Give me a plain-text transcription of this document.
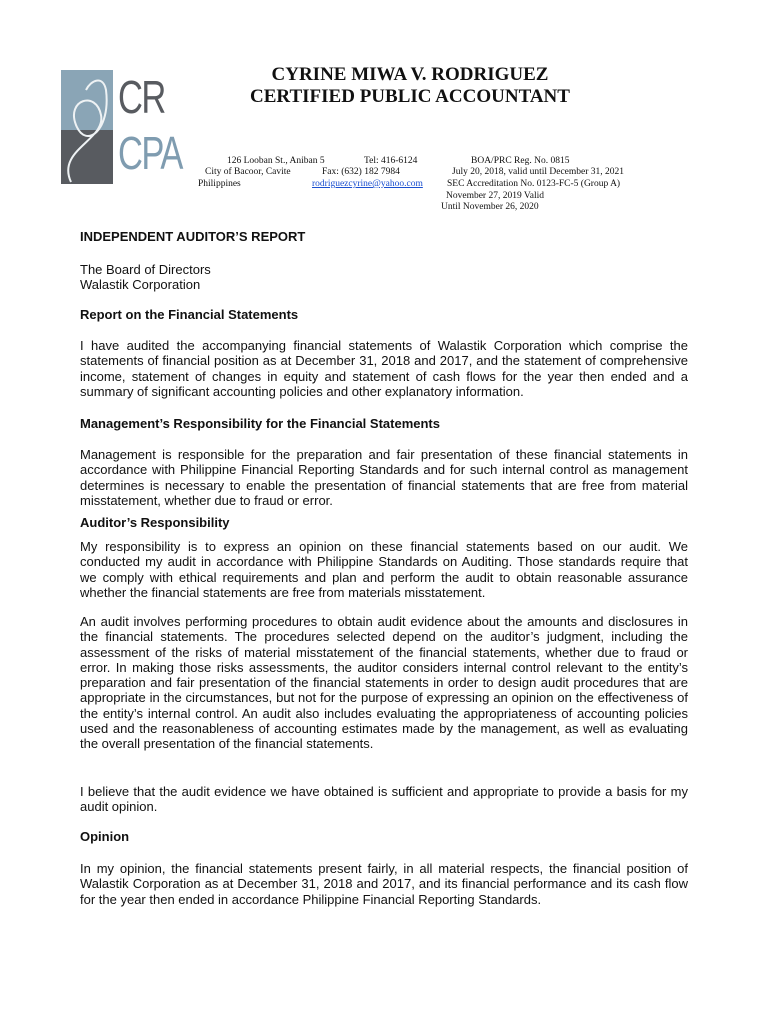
CR
CPA
CYRINE MIWA V. RODRIGUEZ
CERTIFIED PUBLIC ACCOUNTANT
126 Looban St., Aniban 5
City of Bacoor, Cavite
Philippines
Tel: 416-6124
Fax: (632) 182 7984
rodriguezcyrine@yahoo.com
BOA/PRC Reg. No. 0815
July 20, 2018, valid until December 31, 2021
SEC Accreditation No. 0123-FC-5 (Group A)
November 27, 2019 Valid
Until November 26, 2020
INDEPENDENT AUDITOR’S REPORT
The Board of Directors
Walastik Corporation
Report on the Financial Statements
I have audited the accompanying financial statements of Walastik Corporation which comprise the statements of financial position as at December 31, 2018 and 2017, and the statement of comprehensive income, statement of changes in equity and statement of cash flows for the year then ended and a summary of significant accounting policies and other explanatory information.
Management’s Responsibility for the Financial Statements
Management is responsible for the preparation and fair presentation of these financial statements in accordance with Philippine Financial Reporting Standards and for such internal control as management determines is necessary to enable the presentation of financial statements that are free from material misstatement, whether due to fraud or error.
Auditor’s Responsibility
My responsibility is to express an opinion on these financial statements based on our audit. We conducted my audit in accordance with Philippine Standards on Auditing. Those standards require that we comply with ethical requirements and plan and perform the audit to obtain reasonable assurance whether the financial statements are free from materials misstatement.
An audit involves performing procedures to obtain audit evidence about the amounts and disclosures in the financial statements. The procedures selected depend on the auditor’s judgment, including the assessment of the risks of material misstatement of the financial statements, whether due to fraud or error. In making those risks assessments, the auditor considers internal control relevant to the entity’s preparation and fair presentation of the financial statements in order to design audit procedures that are appropriate in the circumstances, but not for the purpose of expressing an opinion on the effectiveness of the entity’s internal control. An audit also includes evaluating the appropriateness of accounting policies used and the reasonableness of accounting estimates made by the management, as well as evaluating the overall presentation of the financial statements.
I believe that the audit evidence we have obtained is sufficient and appropriate to provide a basis for my audit opinion.
Opinion
In my opinion, the financial statements present fairly, in all material respects, the financial position of Walastik Corporation as at December 31, 2018 and 2017, and its financial performance and its cash flow for the year then ended in accordance Philippine Financial Reporting Standards.
